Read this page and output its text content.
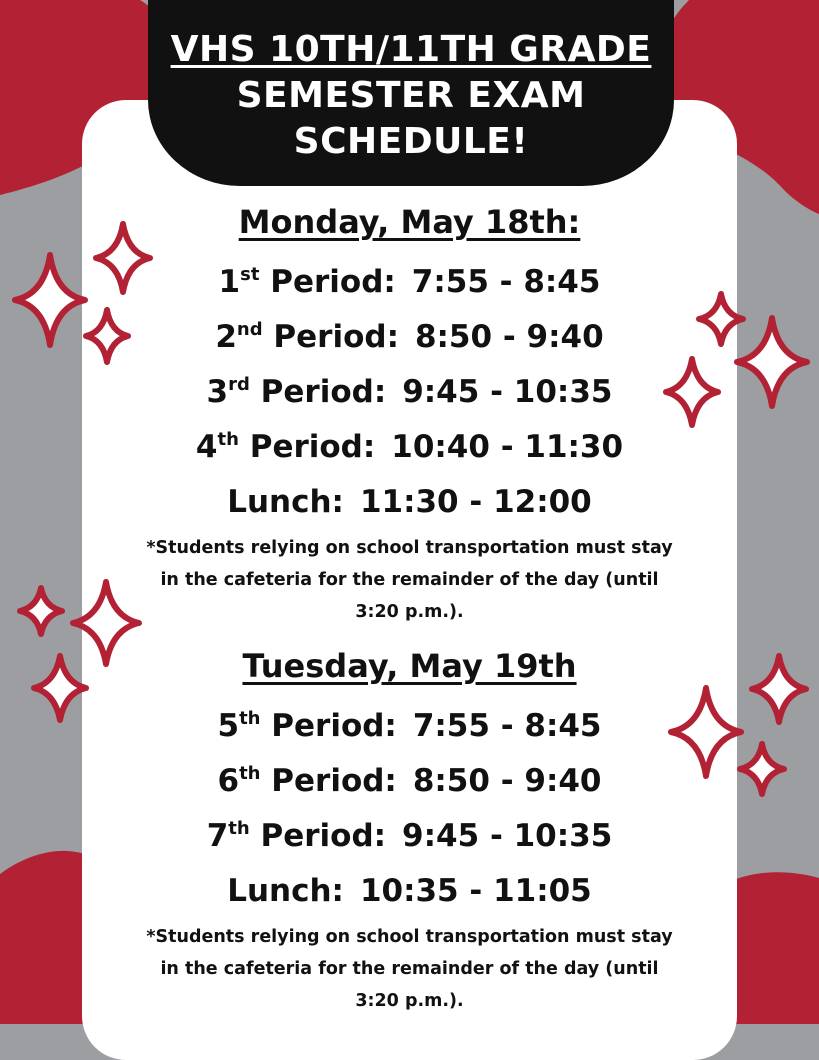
VHS 10TH/11TH GRADE
SEMESTER EXAM
SCHEDULE!
Monday, May 18th:
1st Period: 7:55 - 8:45
2nd Period: 8:50 - 9:40
3rd Period: 9:45 - 10:35
4th Period: 10:40 - 11:30
Lunch: 11:30 - 12:00
*Students relying on school transportation must stay in the cafeteria for the remainder of the day (until 3:20 p.m.).
Tuesday, May 19th
5th Period: 7:55 - 8:45
6th Period: 8:50 - 9:40
7th Period: 9:45 - 10:35
Lunch: 10:35 - 11:05
*Students relying on school transportation must stay in the cafeteria for the remainder of the day (until 3:20 p.m.).
